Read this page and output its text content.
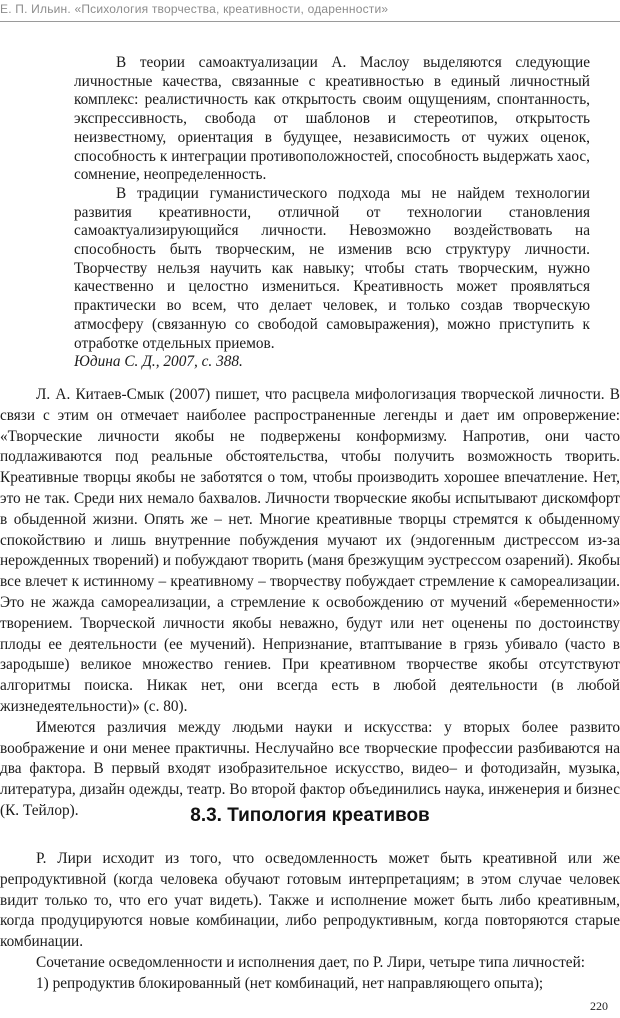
Е. П. Ильин. «Психология творчества, креативности, одаренности»

В теории самоактуализации А. Маслоу выделяются следующие личностные качества, связанные с креативностью в единый личностный комплекс: реалистичность как открытость своим ощущениям, спонтанность, экспрессивность, свобода от шаблонов и стереотипов, открытость неизвестному, ориентация в будущее, независимость от чужих оценок, способность к интеграции противоположностей, способность выдержать хаос, сомнение, неопределенность.

В традиции гуманистического подхода мы не найдем технологии развития креативности, отличной от технологии становления самоактуализирующийся личности. Невозможно воздействовать на способность быть творческим, не изменив всю структуру личности. Творчеству нельзя научить как навыку; чтобы стать творческим, нужно качественно и целостно измениться. Креативность может проявляться практически во всем, что делает человек, и только создав творческую атмосферу (связанную со свободой самовыражения), можно приступить к отработке отдельных приемов.

Юдина С. Д., 2007, с. 388.

Л. А. Китаев-Смык (2007) пишет, что расцвела мифологизация творческой личности. В связи с этим он отмечает наиболее распространенные легенды и дает им опровержение: «Творческие личности якобы не подвержены конформизму. Напротив, они часто подлаживаются под реальные обстоятельства, чтобы получить возможность творить. Креативные творцы якобы не заботятся о том, чтобы производить хорошее впечатление. Нет, это не так. Среди них немало бахвалов. Личности творческие якобы испытывают дискомфорт в обыденной жизни. Опять же – нет. Многие креативные творцы стремятся к обыденному спокойствию и лишь внутренние побуждения мучают их (эндогенным дистрессом из-за нерожденных творений) и побуждают творить (маня брезжущим эустрессом озарений). Якобы все влечет к истинному – креативному – творчеству побуждает стремление к самореализации. Это не жажда самореализации, а стремление к освобождению от мучений «беременности» творением. Творческой личности якобы неважно, будут или нет оценены по достоинству плоды ее деятельности (ее мучений). Непризнание, втаптывание в грязь убивало (часто в зародыше) великое множество гениев. При креативном творчестве якобы отсутствуют алгоритмы поиска. Никак нет, они всегда есть в любой деятельности (в любой жизнедеятельности)» (с. 80).

Имеются различия между людьми науки и искусства: у вторых более развито воображение и они менее практичны. Неслучайно все творческие профессии разбиваются на два фактора. В первый входят изобразительное искусство, видео– и фотодизайн, музыка, литература, дизайн одежды, театр. Во второй фактор объединились наука, инженерия и бизнес (К. Тейлор).	8.3. Типология креативов

Р. Лири исходит из того, что осведомленность может быть креативной или же репродуктивной (когда человека обучают готовым интерпретациям; в этом случае человек видит только то, что его учат видеть). Также и исполнение может быть либо креативным, когда продуцируются новые комбинации, либо репродуктивным, когда повторяются старые комбинации.

Сочетание осведомленности и исполнения дает, по Р. Лири, четыре типа личностей:

1) репродуктив блокированный (нет комбинаций, нет направляющего опыта);

220
